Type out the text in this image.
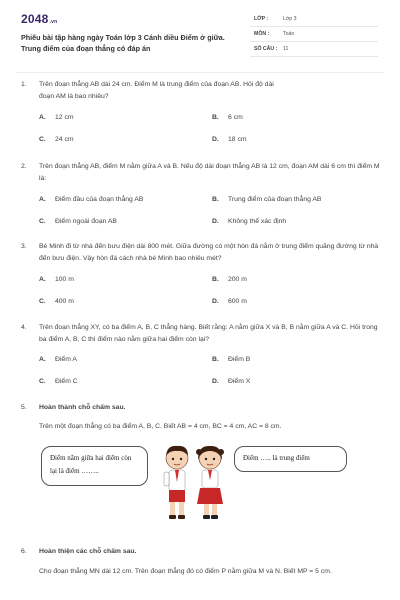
2048.vn
Phiếu bài tập hàng ngày Toán lớp 3 Cánh diều Điểm ở giữa. Trung điểm của đoạn thẳng có đáp án
LỚP :	Lớp 3
MÔN :	Toán
SỐ CÂU : 11
1. Trên đoạn thẳng AB dài 24 cm. Điểm M là trung điểm của đoạn AB. Hỏi độ dài đoạn AM là bao nhiêu?
A. 12 cm	B. 6 cm
C. 24 cm	D. 18 cm
2. Trên đoạn thẳng AB, điểm M nằm giữa A và B. Nếu độ dài đoạn thẳng AB là 12 cm, đoạn AM dài 6 cm thì điểm M là:
A. Điểm đầu của đoạn thẳng AB	B. Trung điểm của đoạn thẳng AB
C. Điểm ngoài đoạn AB	D. Không thể xác định
3. Bé Minh đi từ nhà đến bưu điện dài 800 mét. Giữa đường có một hòn đá nằm ở trung điểm quãng đường từ nhà đến bưu điện. Vậy hòn đá cách nhà bé Minh bao nhiêu mét?
A. 100 m	B. 200 m
C. 400 m	D. 600 m
4. Trên đoạn thẳng XY, có ba điểm A, B, C thẳng hàng. Biết rằng: A nằm giữa X và B, B nằm giữa A và C. Hỏi trong ba điểm A, B, C thì điểm nào nằm giữa hai điểm còn lại?
A. Điểm A	B. Điểm B
C. Điểm C	D. Điểm X
5. Hoàn thành chỗ chấm sau.
Trên một đoạn thẳng có ba điểm A, B, C. Biết AB = 4 cm, BC = 4 cm, AC = 8 cm.
Điểm nằm giữa hai điểm còn lại là điểm ……..
Điểm ….. là trung điểm
6. Hoàn thiện các chỗ chấm sau.
Cho đoạn thẳng MN dài 12 cm. Trên đoạn thẳng đó có điểm P nằm giữa M và N. Biết MP = 5 cm.
